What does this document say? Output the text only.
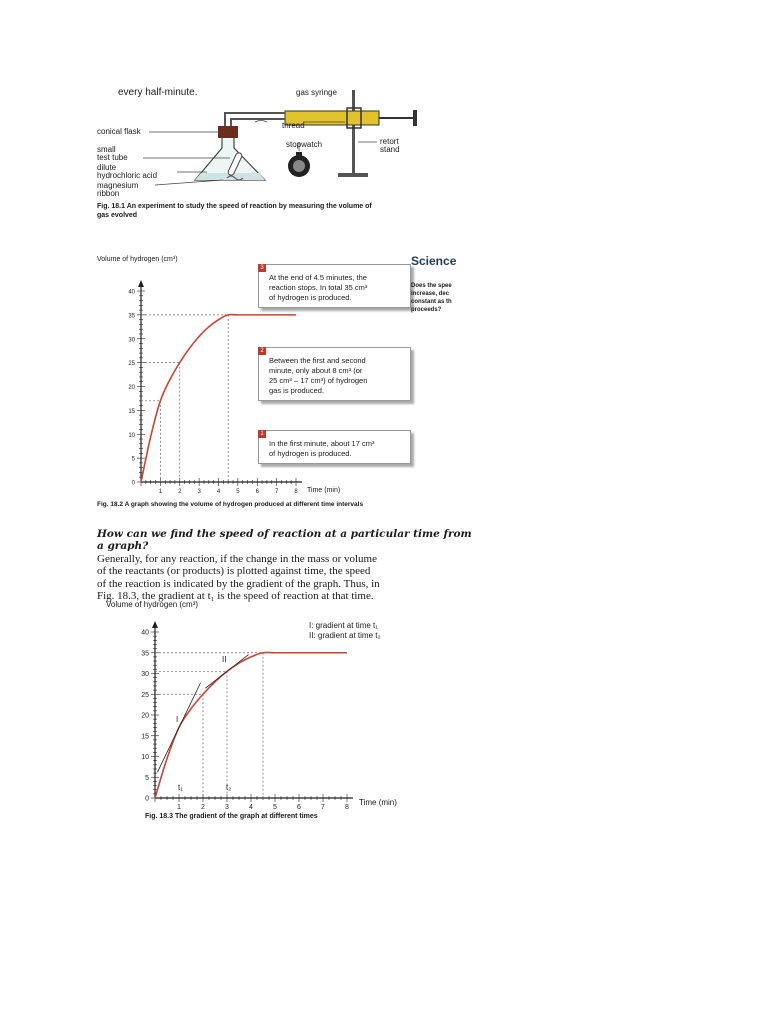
every half-minute.	gas syringe
thread
conical flask
stopwatch	retort
stand
small
test tube
dilute
hydrochloric acid
magnesium
ribbon
Fig. 18.1 An experiment to study the speed of reaction by measuring the volume of
gas evolved
Volume of hydrogen (cm³)
0
5
10
15
20
25
30
35
40
1	2	3	4	5	6	7	8 Time (min)
3
At the end of 4.5 minutes, the
reaction stops. In total 35 cm³
of hydrogen is produced.
2
Between the first and second
minute, only about 8 cm³ (or
25 cm³ – 17 cm³) of hydrogen
gas is produced.
1
In the first minute, about 17 cm³
of hydrogen is produced.
Science
Does the spee
increase, dec
constant as th
proceeds?
Fig. 18.2 A graph showing the volume of hydrogen produced at different time intervals
How can we find the speed of reaction at a particular time from
a graph?
Generally, for any reaction, if the change in the mass or volume
of the reactants (or products) is plotted against time, the speed
of the reaction is indicated by the gradient of the graph. Thus, in
Fig. 18.3, the gradient at t₁ is the speed of reaction at that time.
Volume of hydrogen (cm³)
0
5
10
15
20
25
30
35
40
1	2	3	4	5	6	7	8
Time (min)
I: gradient at time t₁
II: gradient at time t₂
I
II
t₁	t₂
Fig. 18.3 The gradient of the graph at different times
